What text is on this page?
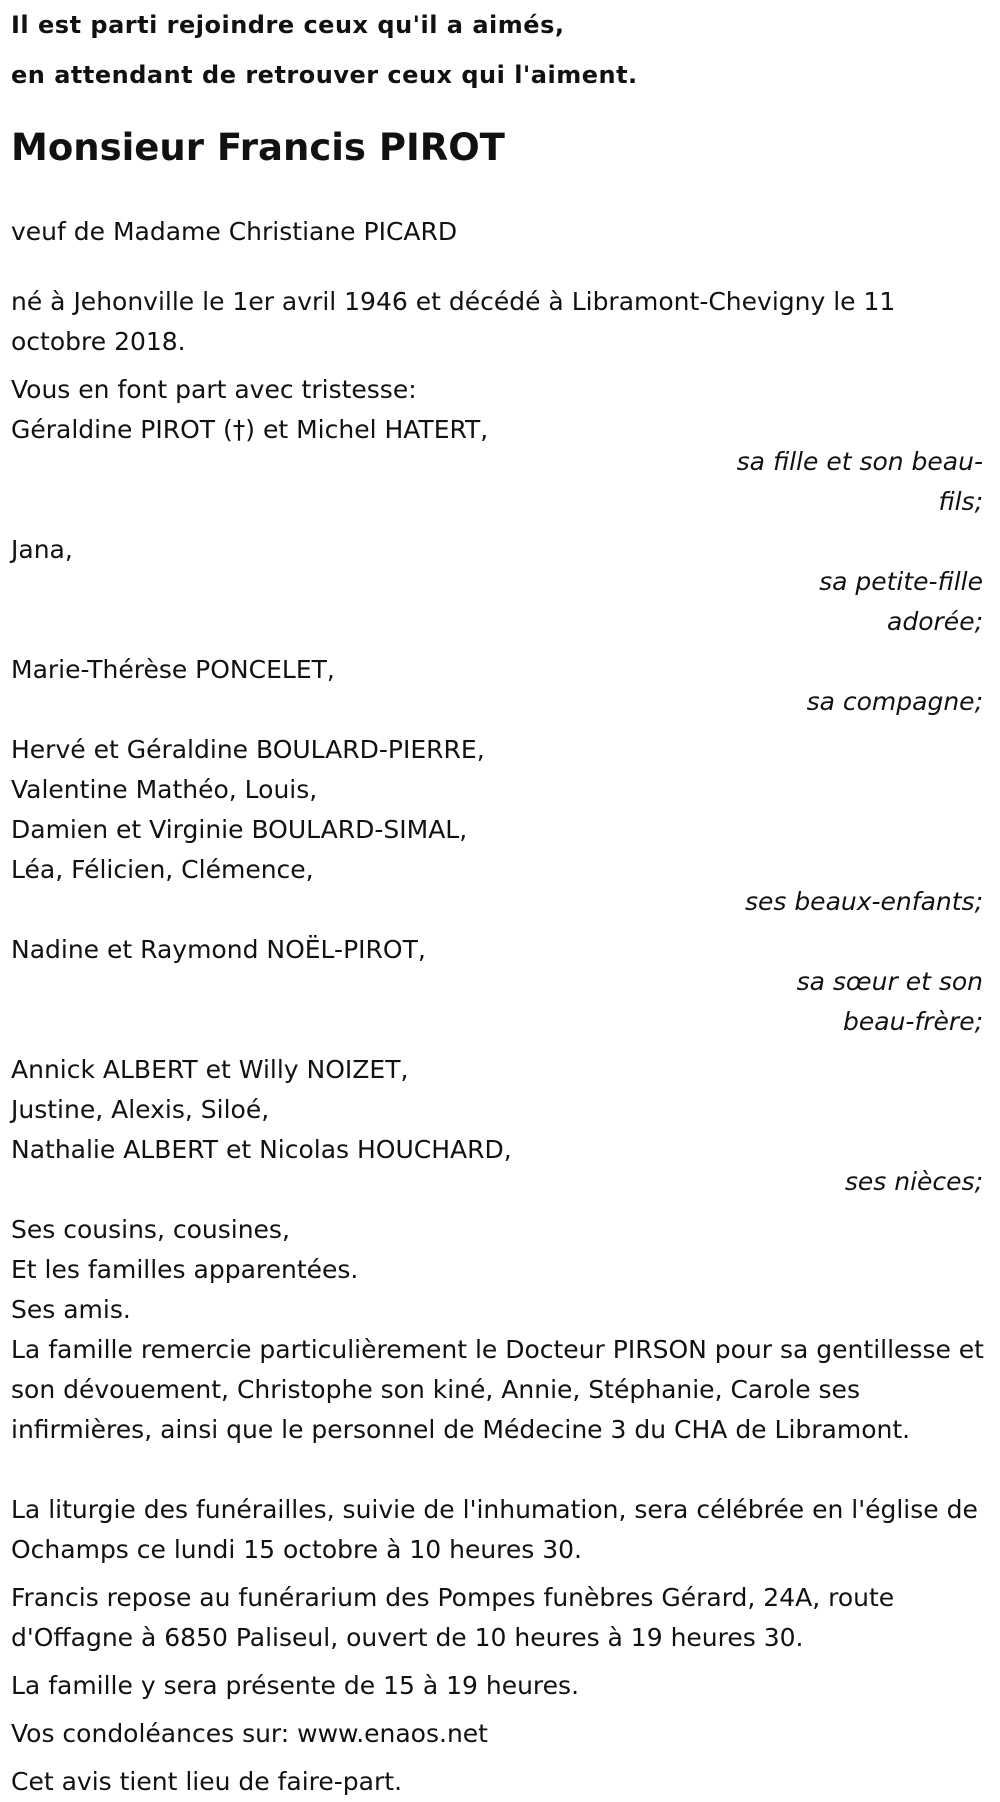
Il est parti rejoindre ceux qu'il a aimés,
en attendant de retrouver ceux qui l'aiment.
Monsieur Francis PIROT

veuf de Madame Christiane PICARD

né à Jehonville le 1er avril 1946 et décédé à Libramont-Chevigny le 11 octobre 2018.

Vous en font part avec tristesse:

Géraldine PIROT (†) et Michel HATERT,
sa fille et son beau-fils;
Jana,
sa petite-fille adorée;
Marie-Thérèse PONCELET,
sa compagne;
Hervé et Géraldine BOULARD-PIERRE,
Valentine Mathéo, Louis,
Damien et Virginie BOULARD-SIMAL,
Léa, Félicien, Clémence,
ses beaux-enfants;
Nadine et Raymond NOËL-PIROT,
sa sœur et son beau-frère;
Annick ALBERT et Willy NOIZET,
Justine, Alexis, Siloé,
Nathalie ALBERT et Nicolas HOUCHARD,
ses nièces;
Ses cousins, cousines,
Et les familles apparentées.
Ses amis.

La famille remercie particulièrement le Docteur PIRSON pour sa gentillesse et son dévouement, Christophe son kiné, Annie, Stéphanie, Carole ses infirmières, ainsi que le personnel de Médecine 3 du CHA de Libramont.

La liturgie des funérailles, suivie de l'inhumation, sera célébrée en l'église de Ochamps ce lundi 15 octobre à 10 heures 30.

Francis repose au funérarium des Pompes funèbres Gérard, 24A, route d'Offagne à 6850 Paliseul, ouvert de 10 heures à 19 heures 30.

La famille y sera présente de 15 à 19 heures.

Vos condoléances sur: www.enaos.net

Cet avis tient lieu de faire-part.
